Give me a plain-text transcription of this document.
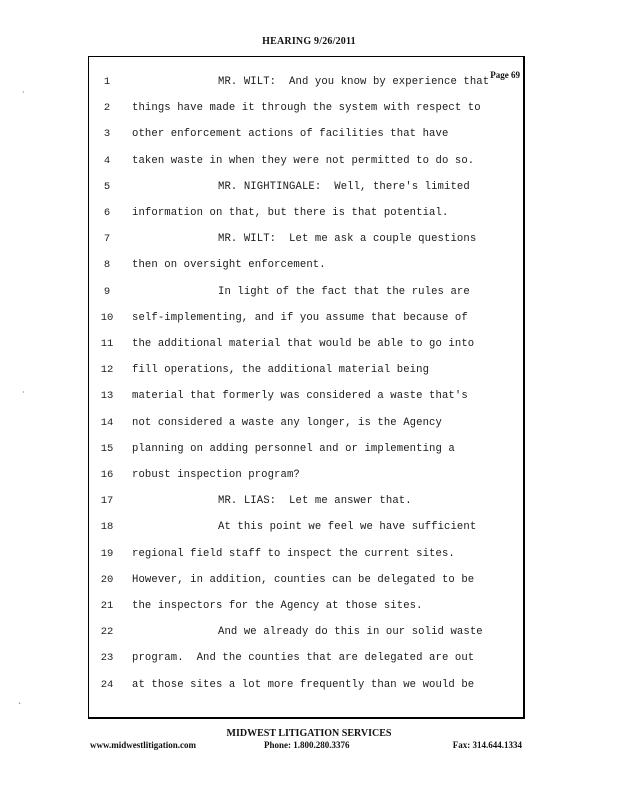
HEARING 9/26/2011
Page 69
1	MR. WILT:  And you know by experience that
2	things have made it through the system with respect to
3	other enforcement actions of facilities that have
4	taken waste in when they were not permitted to do so.
5	MR. NIGHTINGALE:  Well, there's limited
6	information on that, but there is that potential.
7	MR. WILT:  Let me ask a couple questions
8	then on oversight enforcement.
9	In light of the fact that the rules are
10	self-implementing, and if you assume that because of
11	the additional material that would be able to go into
12	fill operations, the additional material being
13	material that formerly was considered a waste that's
14	not considered a waste any longer, is the Agency
15	planning on adding personnel and or implementing a
16	robust inspection program?
17	MR. LIAS:  Let me answer that.
18	At this point we feel we have sufficient
19	regional field staff to inspect the current sites.
20	However, in addition, counties can be delegated to be
21	the inspectors for the Agency at those sites.
22	And we already do this in our solid waste
23	program.  And the counties that are delegated are out
24	at those sites a lot more frequently than we would be
MIDWEST LITIGATION SERVICES
www.midwestlitigation.com	Phone: 1.800.280.3376	Fax: 314.644.1334
·
·
`
